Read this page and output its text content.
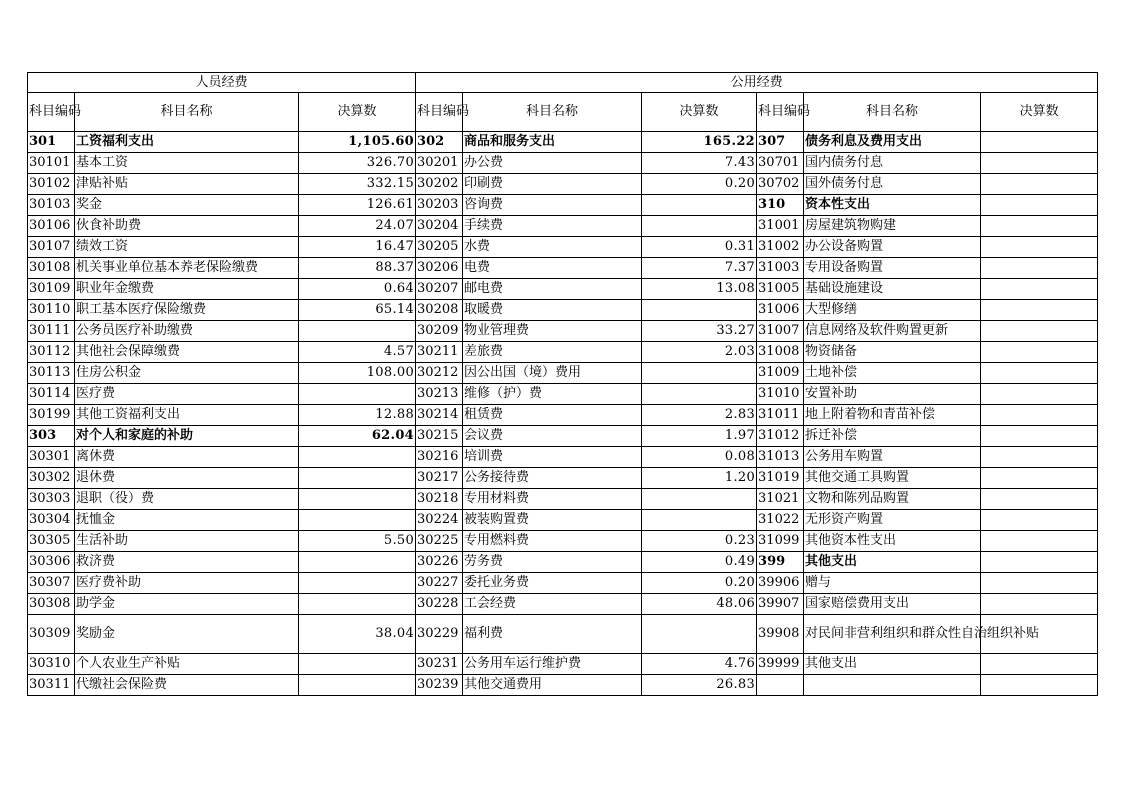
人员经费			公用经费					
科目编码	科目名称	决算数	科目编码	科目名称	决算数	科目编码	科目名称	决算数
301	工资福利支出	1,105.60	302	商品和服务支出	165.22	307	债务利息及费用支出	
30101	基本工资	326.70	30201	办公费	7.43	30701	国内债务付息	
30102	津贴补贴	332.15	30202	印刷费	0.20	30702	国外债务付息	
30103	奖金	126.61	30203	咨询费		310	资本性支出	
30106	伙食补助费	24.07	30204	手续费		31001	房屋建筑物购建	
30107	绩效工资	16.47	30205	水费	0.31	31002	办公设备购置	
30108	机关事业单位基本养老保险缴费	88.37	30206	电费	7.37	31003	专用设备购置	
30109	职业年金缴费	0.64	30207	邮电费	13.08	31005	基础设施建设	
30110	职工基本医疗保险缴费	65.14	30208	取暖费		31006	大型修缮	
30111	公务员医疗补助缴费		30209	物业管理费	33.27	31007	信息网络及软件购置更新	
30112	其他社会保障缴费	4.57	30211	差旅费	2.03	31008	物资储备	
30113	住房公积金	108.00	30212	因公出国（境）费用		31009	土地补偿	
30114	医疗费		30213	维修（护）费		31010	安置补助	
30199	其他工资福利支出	12.88	30214	租赁费	2.83	31011	地上附着物和青苗补偿	
303	对个人和家庭的补助	62.04	30215	会议费	1.97	31012	拆迁补偿	
30301	离休费		30216	培训费	0.08	31013	公务用车购置	
30302	退休费		30217	公务接待费	1.20	31019	其他交通工具购置	
30303	退职（役）费		30218	专用材料费		31021	文物和陈列品购置	
30304	抚恤金		30224	被装购置费		31022	无形资产购置	
30305	生活补助	5.50	30225	专用燃料费	0.23	31099	其他资本性支出	
30306	救济费		30226	劳务费	0.49	399	其他支出	
30307	医疗费补助		30227	委托业务费	0.20	39906	赠与	
30308	助学金		30228	工会经费	48.06	39907	国家赔偿费用支出	
30309	奖励金	38.04	30229	福利费		39908	对民间非营利组织和群众性自治组织补贴	
30310	个人农业生产补贴		30231	公务用车运行维护费	4.76	39999	其他支出	
30311	代缴社会保险费		30239	其他交通费用	26.83			
